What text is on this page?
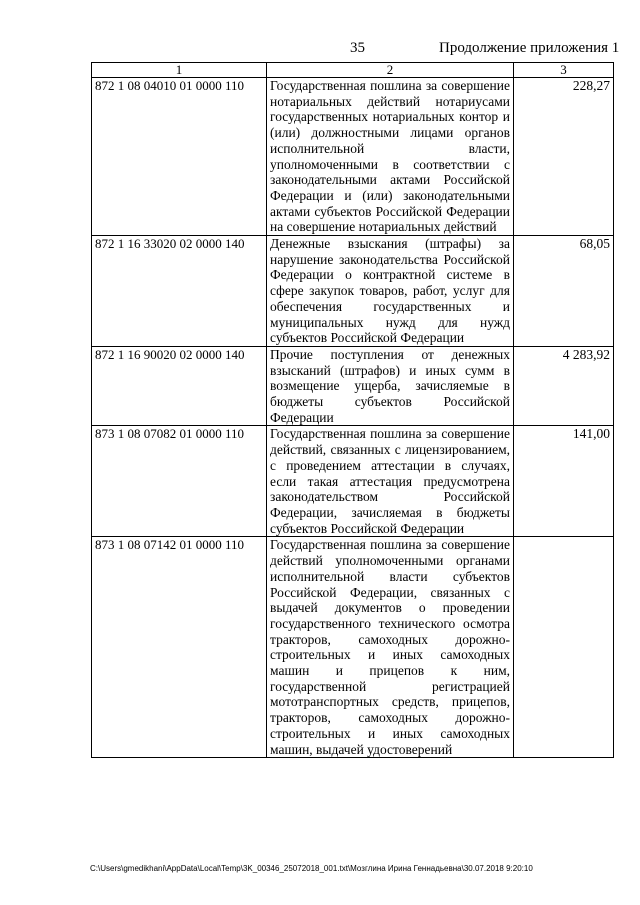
35	Продолжение приложения 1
1	2	3
872 1 08 04010 01 0000 110	Государственная пошлина за совершение нотариальных действий нотариусами государственных нотариальных контор и (или) должностными лицами органов исполнительной власти, уполномоченными в соответствии с законодательными актами Российской Федерации и (или) законодательными актами субъектов Российской Федерации на совершение нотариальных действий	228,27
872 1 16 33020 02 0000 140	Денежные взыскания (штрафы) за нарушение законодательства Российской Федерации о контрактной системе в сфере закупок товаров, работ, услуг для обеспечения государственных и муниципальных нужд для нужд субъектов Российской Федерации	68,05
872 1 16 90020 02 0000 140	Прочие поступления от денежных взысканий (штрафов) и иных сумм в возмещение ущерба, зачисляемые в бюджеты субъектов Российской Федерации	4 283,92
873 1 08 07082 01 0000 110	Государственная пошлина за совершение действий, связанных с лицензированием, с проведением аттестации в случаях, если такая аттестация предусмотрена законодательством Российской Федерации, зачисляемая в бюджеты субъектов Российской Федерации	141,00
873 1 08 07142 01 0000 110	Государственная пошлина за совершение действий уполномоченными органами исполнительной власти субъектов Российской Федерации, связанных с выдачей документов о проведении государственного технического осмотра тракторов, самоходных дорожно-строительных и иных самоходных машин и прицепов к ним, государственной регистрацией мототранспортных средств, прицепов, тракторов, самоходных дорожно-строительных и иных самоходных машин, выдачей удостоверений	
C:\Users\gmedikhani\AppData\Local\Temp\3K_00346_25072018_001.txt\Мозглина Ирина Геннадьевна\30.07.2018 9:20:10
